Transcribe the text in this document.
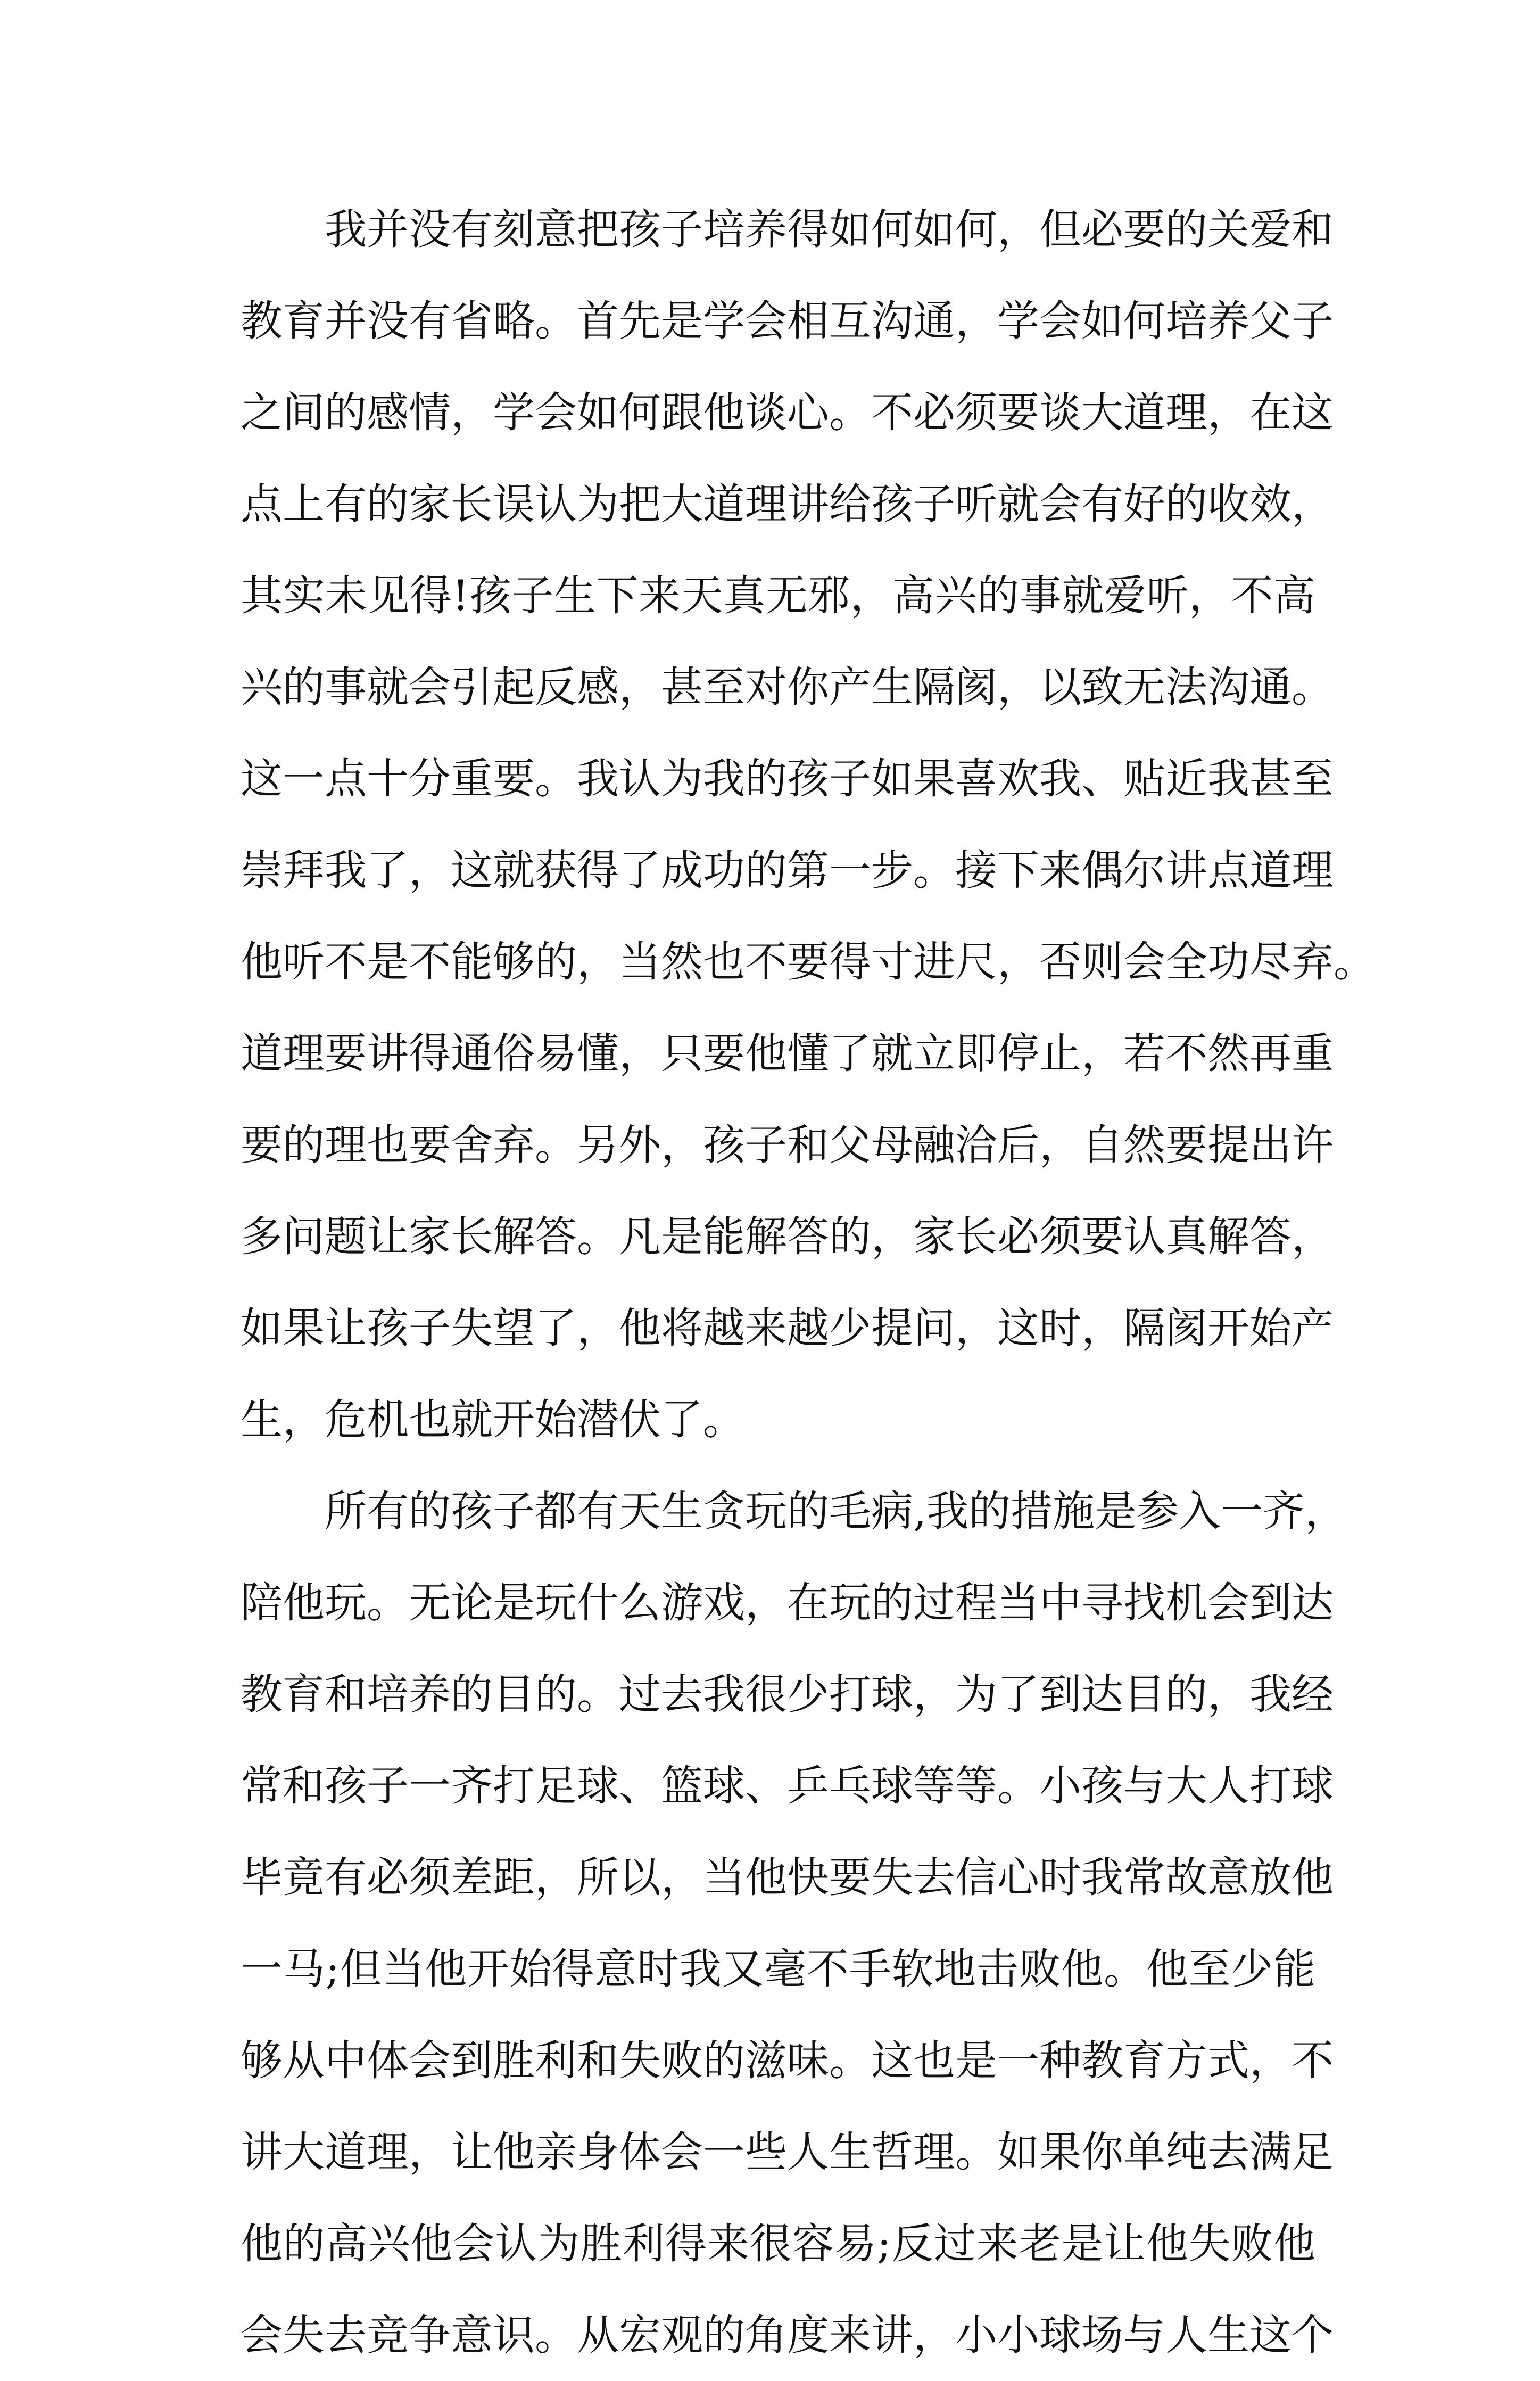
我并没有刻意把孩子培养得如何如何，但必要的关爱和
教育并没有省略。首先是学会相互沟通，学会如何培养父子
之间的感情，学会如何跟他谈心。不必须要谈大道理，在这
点上有的家长误认为把大道理讲给孩子听就会有好的收效，
其实未见得!孩子生下来天真无邪，高兴的事就爱听，不高
兴的事就会引起反感，甚至对你产生隔阂，以致无法沟通。
这一点十分重要。我认为我的孩子如果喜欢我、贴近我甚至
崇拜我了，这就获得了成功的第一步。接下来偶尔讲点道理
他听不是不能够的，当然也不要得寸进尺，否则会全功尽弃。
道理要讲得通俗易懂，只要他懂了就立即停止，若不然再重
要的理也要舍弃。另外，孩子和父母融洽后，自然要提出许
多问题让家长解答。凡是能解答的，家长必须要认真解答，
如果让孩子失望了，他将越来越少提问，这时，隔阂开始产
生，危机也就开始潜伏了。
所有的孩子都有天生贪玩的毛病,我的措施是参入一齐，
陪他玩。无论是玩什么游戏，在玩的过程当中寻找机会到达
教育和培养的目的。过去我很少打球，为了到达目的，我经
常和孩子一齐打足球、篮球、乒乓球等等。小孩与大人打球
毕竟有必须差距，所以，当他快要失去信心时我常故意放他
一马;但当他开始得意时我又毫不手软地击败他。他至少能
够从中体会到胜利和失败的滋味。这也是一种教育方式，不
讲大道理，让他亲身体会一些人生哲理。如果你单纯去满足
他的高兴他会认为胜利得来很容易;反过来老是让他失败他
会失去竞争意识。从宏观的角度来讲，小小球场与人生这个
